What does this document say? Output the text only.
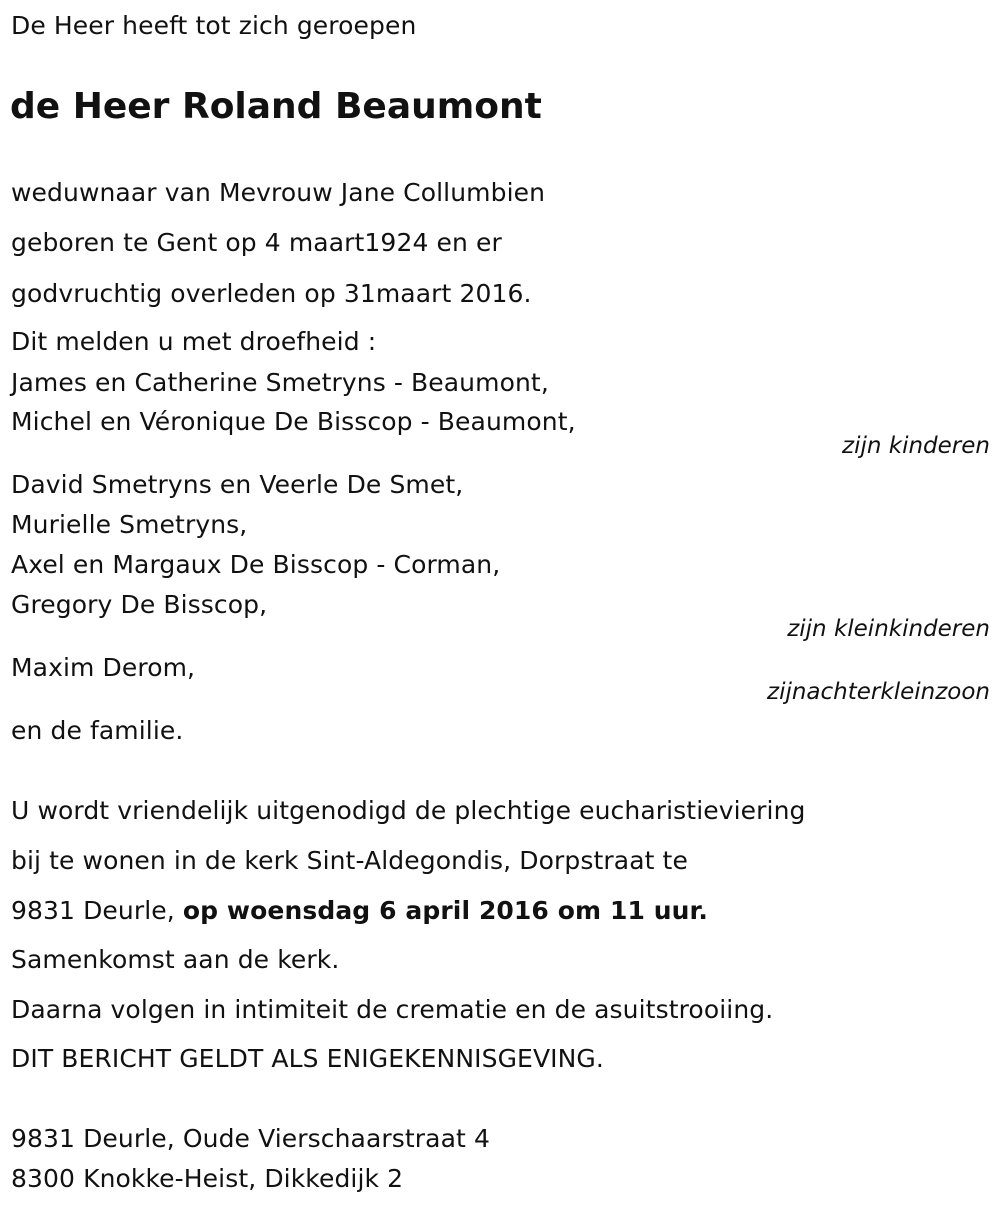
De Heer heeft tot zich geroepen
de Heer Roland Beaumont
weduwnaar van Mevrouw Jane Collumbien
geboren te Gent op 4 maart1924 en er
godvruchtig overleden op 31maart 2016.
Dit melden u met droefheid :
James en Catherine Smetryns - Beaumont,
Michel en Véronique De Bisscop - Beaumont,
zijn kinderen
David Smetryns en Veerle De Smet,
Murielle Smetryns,
Axel en Margaux De Bisscop - Corman,
Gregory De Bisscop,
zijn kleinkinderen
Maxim Derom,
zijnachterkleinzoon
en de familie.
U wordt vriendelijk uitgenodigd de plechtige eucharistieviering
bij te wonen in de kerk Sint-Aldegondis, Dorpstraat te
9831 Deurle, op woensdag 6 april 2016 om 11 uur.
Samenkomst aan de kerk.
Daarna volgen in intimiteit de crematie en de asuitstrooiing.
DIT BERICHT GELDT ALS ENIGEKENNISGEVING.
9831 Deurle, Oude Vierschaarstraat 4
8300 Knokke-Heist, Dikkedijk 2
